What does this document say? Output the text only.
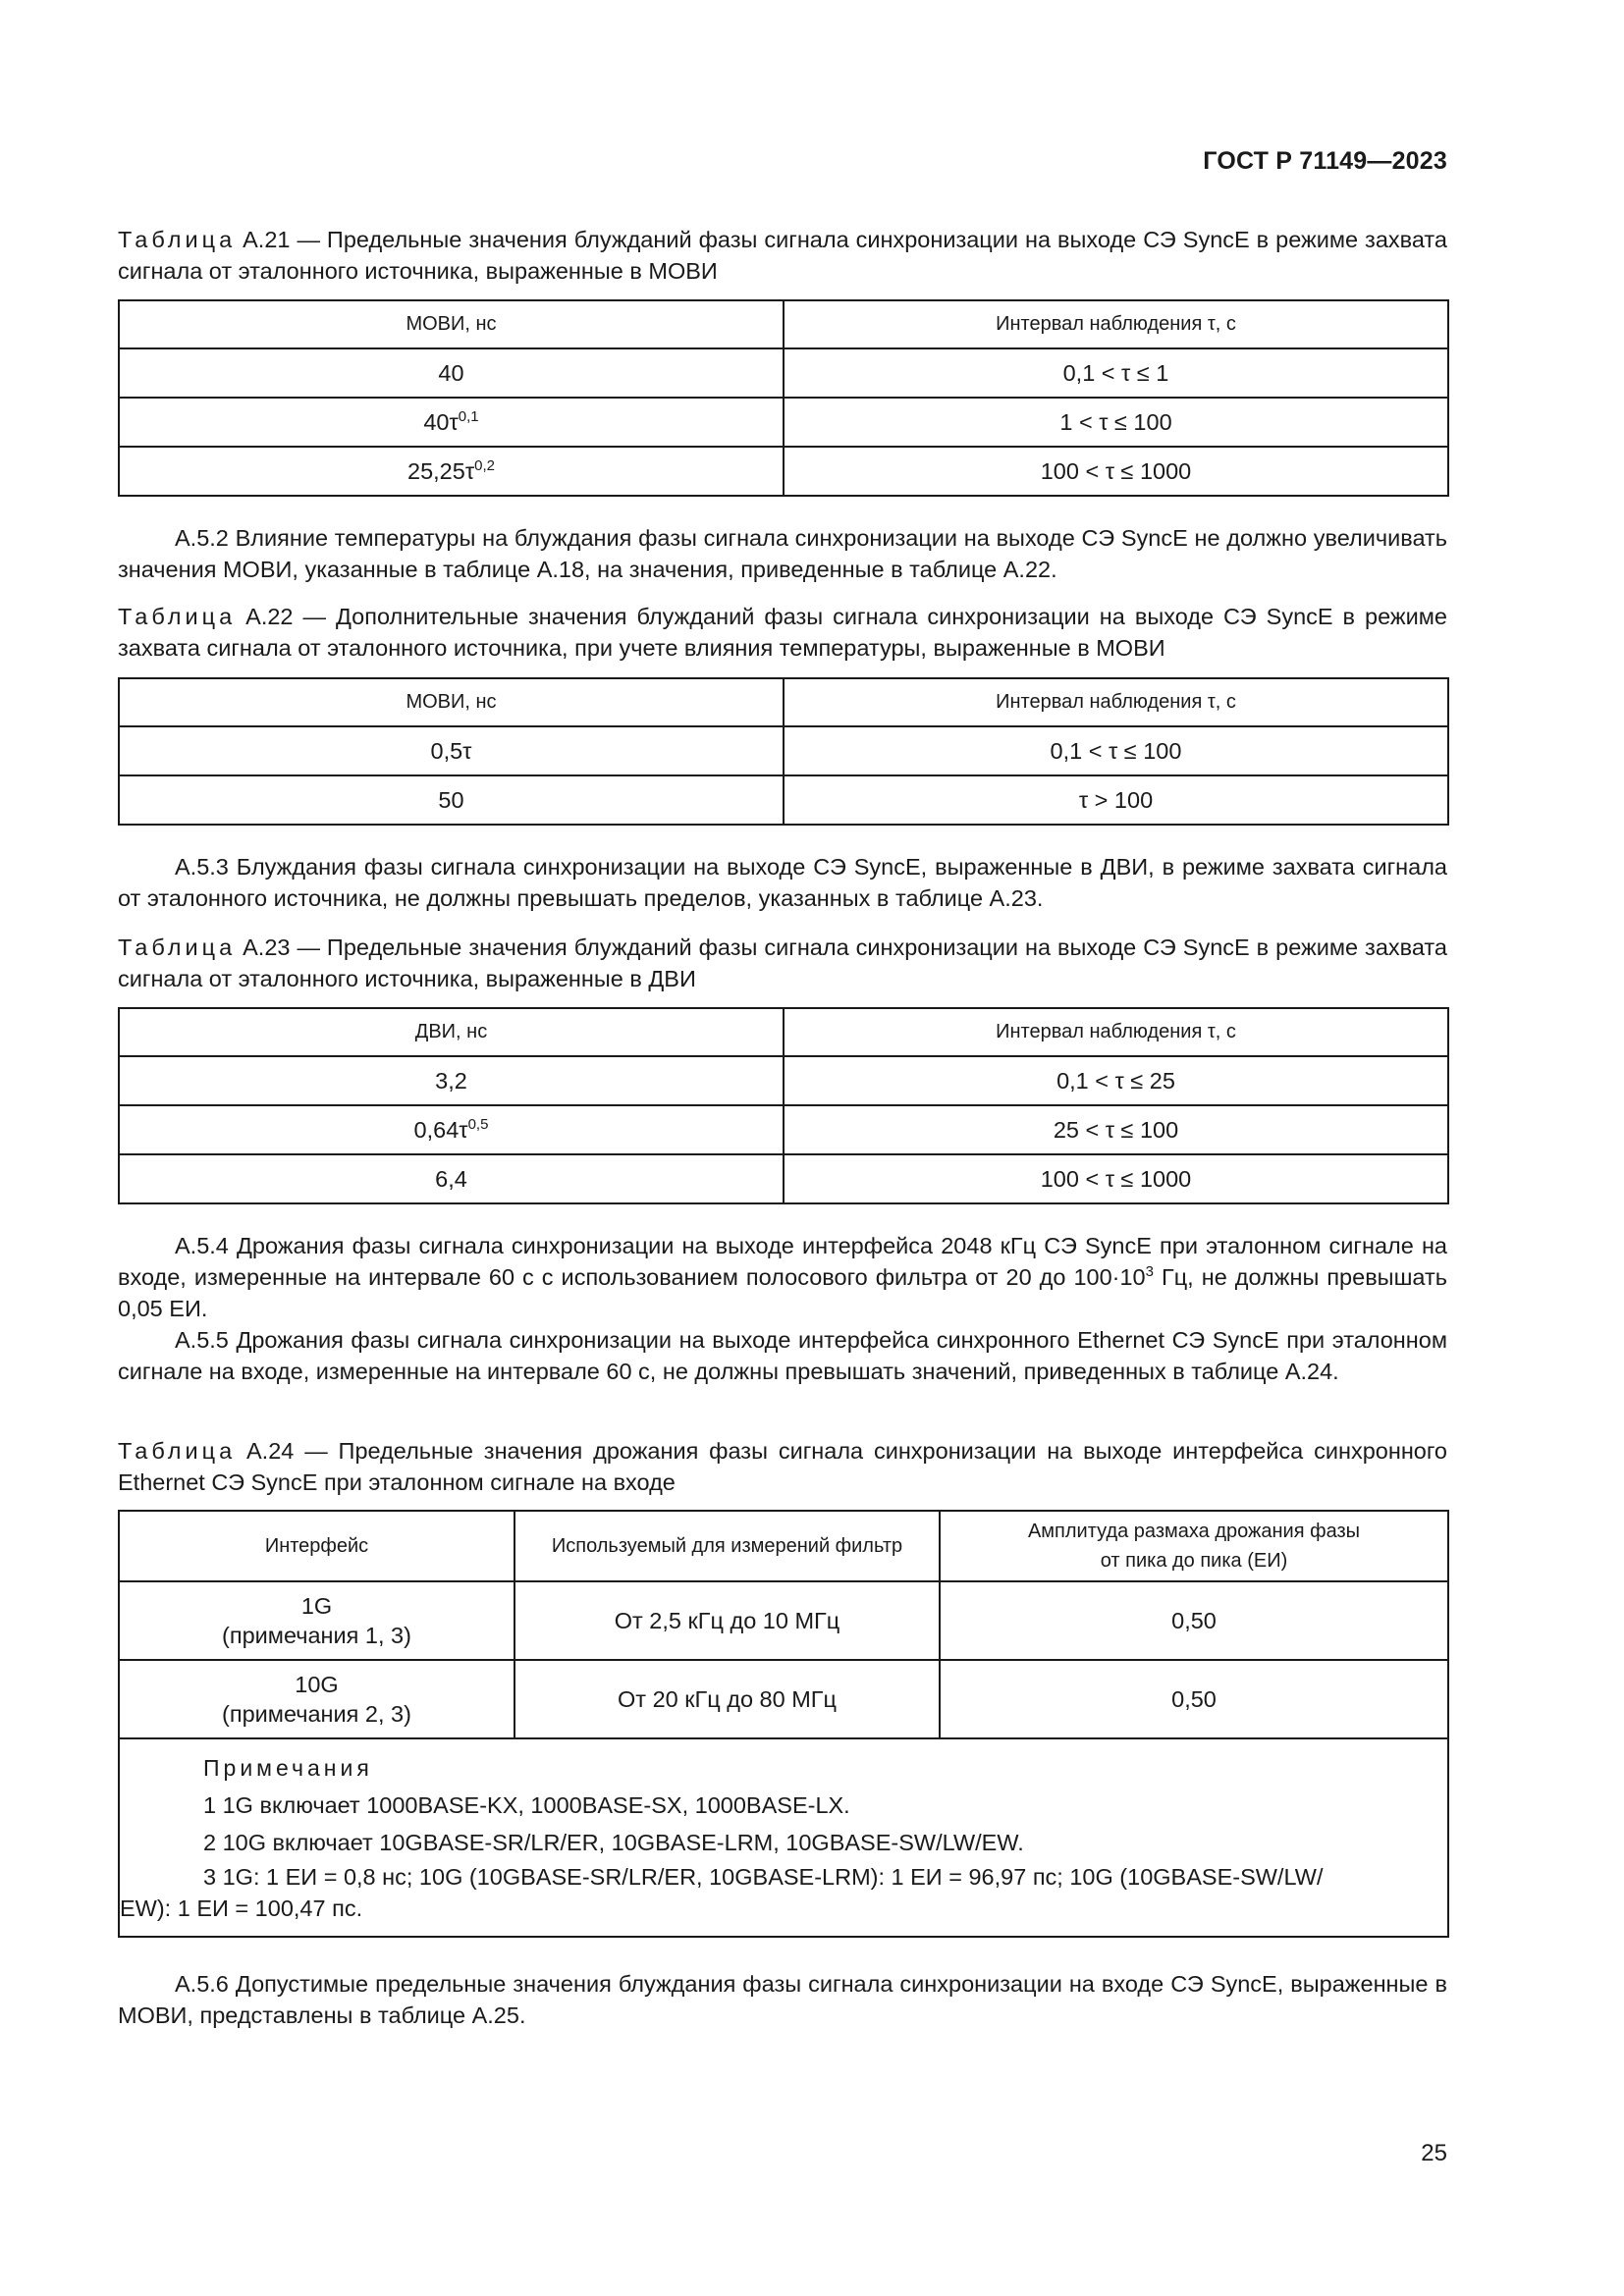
ГОСТ Р 71149—2023
Таблица А.21 — Предельные значения блужданий фазы сигнала синхронизации на выходе СЭ SyncE в режиме захвата сигнала от эталонного источника, выраженные в МОВИ
МОВИ, нс	Интервал наблюдения τ, с
40	0,1 < τ ≤ 1
$40\tau^{0,1}$	1 < τ ≤ 100
$25,25\tau^{0,2}$	100 < τ ≤ 1000
А.5.2 Влияние температуры на блуждания фазы сигнала синхронизации на выходе СЭ SyncE не должно увеличивать значения МОВИ, указанные в таблице А.18, на значения, приведенные в таблице А.22.
Таблица А.22 — Дополнительные значения блужданий фазы сигнала синхронизации на выходе СЭ SyncE в режиме захвата сигнала от эталонного источника, при учете влияния температуры, выраженные в МОВИ
МОВИ, нс	Интервал наблюдения τ, с
0,5τ	0,1 < τ ≤ 100
50	τ > 100
А.5.3 Блуждания фазы сигнала синхронизации на выходе СЭ SyncE, выраженные в ДВИ, в режиме захвата сигнала от эталонного источника, не должны превышать пределов, указанных в таблице А.23.
Таблица А.23 — Предельные значения блужданий фазы сигнала синхронизации на выходе СЭ SyncE в режиме захвата сигнала от эталонного источника, выраженные в ДВИ
ДВИ, нс	Интервал наблюдения τ, с
3,2	0,1 < τ ≤ 25
$0,64\tau^{0,5}$	25 < τ ≤ 100
6,4	100 < τ ≤ 1000
А.5.4 Дрожания фазы сигнала синхронизации на выходе интерфейса 2048 кГц СЭ SyncE при эталонном сигнале на входе, измеренные на интервале 60 с с использованием полосового фильтра от 20 до $100\cdot 10^3$ Гц, не должны превышать 0,05 ЕИ.
А.5.5 Дрожания фазы сигнала синхронизации на выходе интерфейса синхронного Ethernet СЭ SyncE при эталонном сигнале на входе, измеренные на интервале 60 с, не должны превышать значений, приведенных в таблице А.24.
Таблица А.24 — Предельные значения дрожания фазы сигнала синхронизации на выходе интерфейса синхронного Ethernet СЭ SyncE при эталонном сигнале на входе
Интерфейс	Используемый для измерений фильтр	Амплитуда размаха дрожания фазы
от пика до пика (ЕИ)
1G
(примечания 1, 3)	От 2,5 кГц до 10 МГц	0,50
10G
(примечания 2, 3)	От 20 кГц до 80 МГц	0,50

Примечания
1 1G включает 1000BASE-KX, 1000BASE-SX, 1000BASE-LX.
2 10G включает 10GBASE-SR/LR/ER, 10GBASE-LRM, 10GBASE-SW/LW/EW.
3 1G: 1 ЕИ = 0,8 нс; 10G (10GBASE-SR/LR/ER, 10GBASE-LRM): 1 ЕИ = 96,97 пс; 10G (10GBASE-SW/LW/
EW): 1 ЕИ = 100,47 пс.		
А.5.6 Допустимые предельные значения блуждания фазы сигнала синхронизации на входе СЭ SyncE, выраженные в МОВИ, представлены в таблице А.25.
25
